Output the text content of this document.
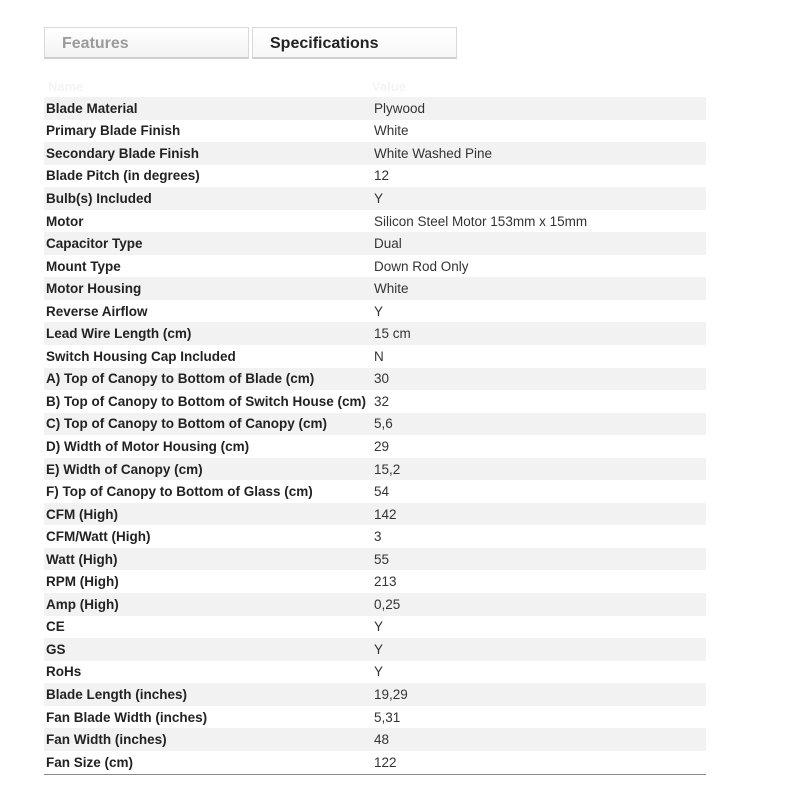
Features	Specifications
Name	Value
Blade Material	Plywood
Primary Blade Finish	White
Secondary Blade Finish	White Washed Pine
Blade Pitch (in degrees)	12
Bulb(s) Included	Y
Motor	Silicon Steel Motor 153mm x 15mm
Capacitor Type	Dual
Mount Type	Down Rod Only
Motor Housing	White
Reverse Airflow	Y
Lead Wire Length (cm)	15 cm
Switch Housing Cap Included	N
A) Top of Canopy to Bottom of Blade (cm)	30
B) Top of Canopy to Bottom of Switch House (cm)	32
C) Top of Canopy to Bottom of Canopy (cm)	5,6
D) Width of Motor Housing (cm)	29
E) Width of Canopy (cm)	15,2
F) Top of Canopy to Bottom of Glass (cm)	54
CFM (High)	142
CFM/Watt (High)	3
Watt (High)	55
RPM (High)	213
Amp (High)	0,25
CE	Y
GS	Y
RoHs	Y
Blade Length (inches)	19,29
Fan Blade Width (inches)	5,31
Fan Width (inches)	48
Fan Size (cm)	122
